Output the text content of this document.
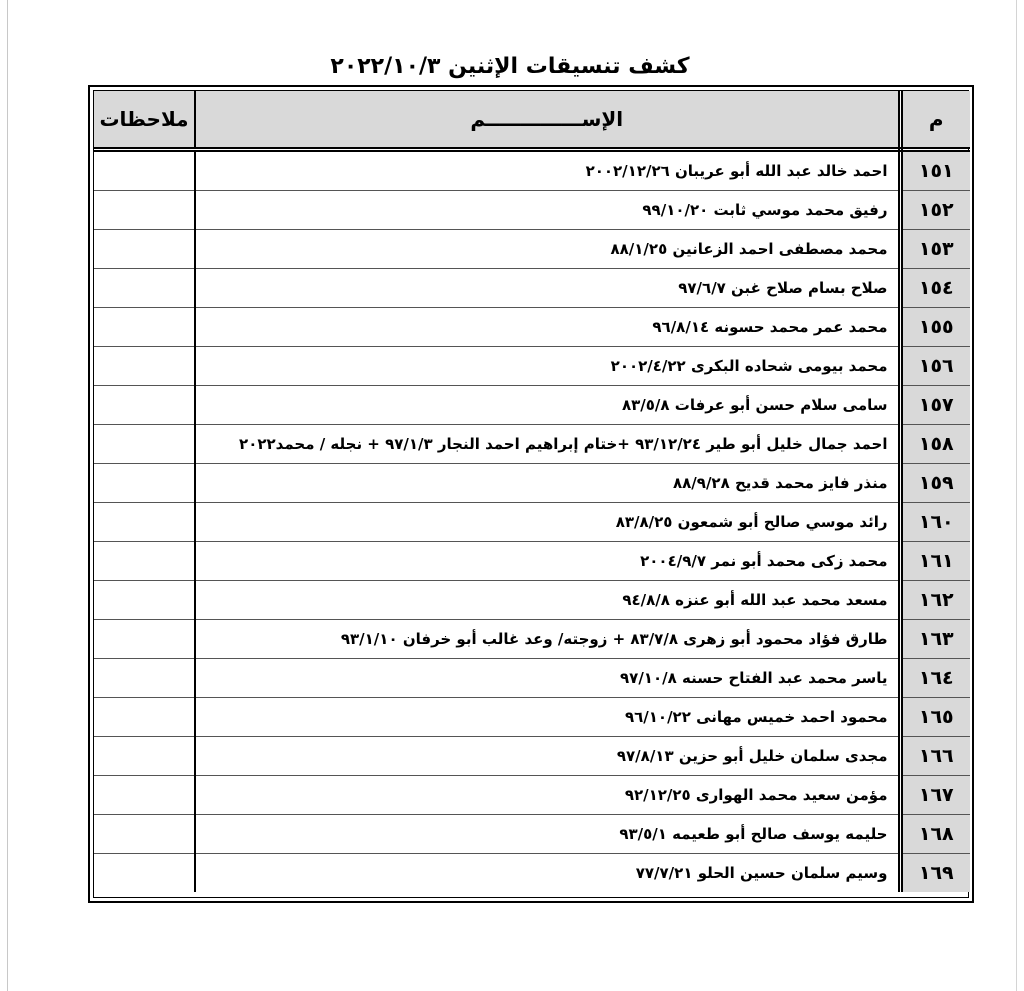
كشف تنسيقات الإثنين ٢٠٢٢/١٠/٣
م	الإســــــــــــــم	ملاحظات
١٥١	احمد خالد عبد الله أبو عريبان ٢٠٠٢/١٢/٢٦	
١٥٢	رفيق محمد موسي ثابت ٩٩/١٠/٢٠	
١٥٣	محمد مصطفى احمد الزعانين ٨٨/١/٢٥	
١٥٤	صلاح بسام صلاح غبن ٩٧/٦/٧	
١٥٥	محمد عمر محمد حسونه ٩٦/٨/١٤	
١٥٦	محمد بيومى شحاده البكرى ٢٠٠٢/٤/٢٢	
١٥٧	سامى سلام حسن أبو عرفات ٨٣/٥/٨	
١٥٨	احمد جمال خليل أبو طير ٩٣/١٢/٢٤ +ختام إبراهيم احمد النجار ٩٧/١/٣ + نجله / محمد٢٠٢٢	
١٥٩	منذر فايز محمد قديح ٨٨/٩/٢٨	
١٦٠	رائد موسي صالح أبو شمعون ٨٣/٨/٢٥	
١٦١	محمد زكى محمد أبو نمر ٢٠٠٤/٩/٧	
١٦٢	مسعد محمد عبد الله أبو عنزه ٩٤/٨/٨	
١٦٣	طارق فؤاد محمود أبو زهرى ٨٣/٧/٨ + زوجته/ وعد غالب أبو خرفان ٩٣/١/١٠	
١٦٤	ياسر محمد عبد الفتاح حسنه ٩٧/١٠/٨	
١٦٥	محمود احمد خميس مهانى ٩٦/١٠/٢٢	
١٦٦	مجدى سلمان خليل أبو حزين ٩٧/٨/١٣	
١٦٧	مؤمن سعيد محمد الهوارى ٩٢/١٢/٢٥	
١٦٨	حليمه يوسف صالح أبو طعيمه ٩٣/٥/١	
١٦٩	وسيم سلمان حسين الحلو ٧٧/٧/٢١	
